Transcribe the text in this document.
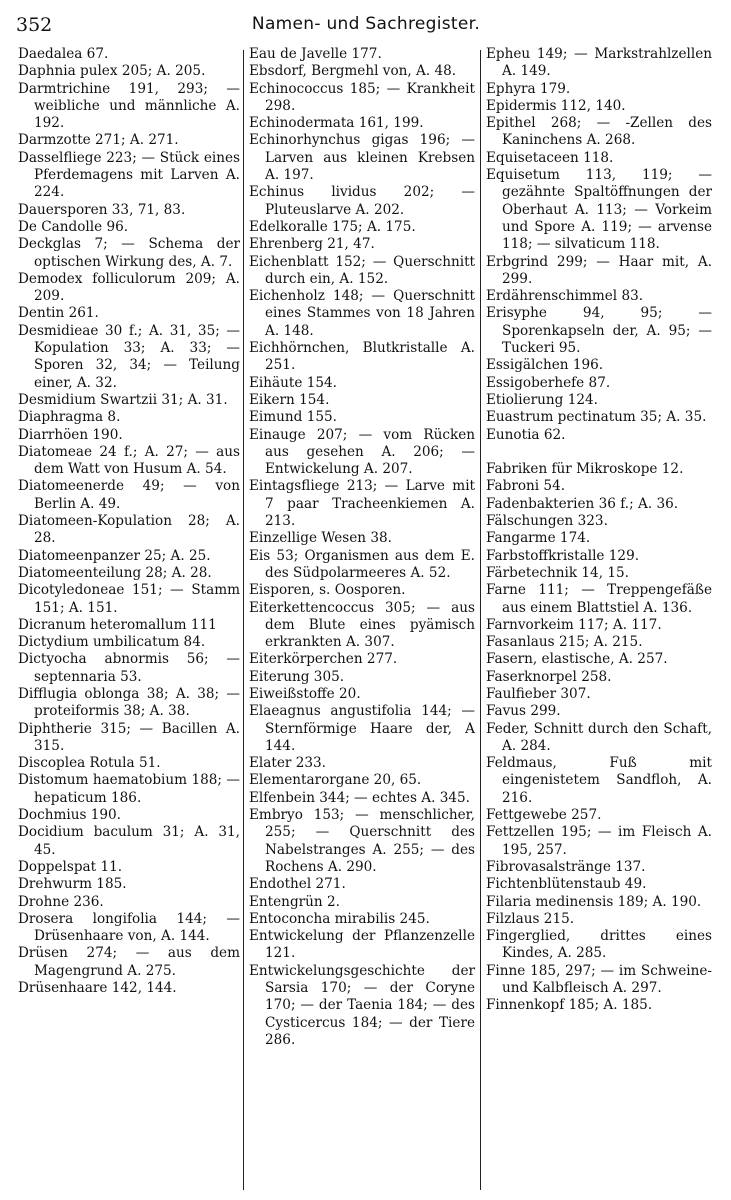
352	Namen- und Sachregister.

Daedalea 67.

Daphnia pulex 205; A. 205.

Darmtrichine 191, 293; — weibliche und männliche A. 192.

Darmzotte 271; A. 271.

Dasselfliege 223; — Stück eines Pferdemagens mit Larven A. 224.

Dauersporen 33, 71, 83.

De Candolle 96.

Deckglas 7; — Schema der optischen Wirkung des, A. 7.

Demodex folliculorum 209; A. 209.

Dentin 261.

Desmidieae 30 f.; A. 31, 35; — Kopulation 33; A. 33; — Sporen 32, 34; — Teilung einer, A. 32.

Desmidium Swartzii 31; A. 31.

Diaphragma 8.

Diarrhöen 190.

Diatomeae 24 f.; A. 27; — aus dem Watt von Husum A. 54.

Diatomeenerde 49; — von Berlin A. 49.

Diatomeen-Kopulation 28; A. 28.

Diatomeenpanzer 25; A. 25.

Diatomeenteilung 28; A. 28.

Dicotyledoneae 151; — Stamm 151; A. 151.

Dicranum heteromallum 111

Dictydium umbilicatum 84.

Dictyocha abnormis 56; — septennaria 53.

Difflugia oblonga 38; A. 38; — proteiformis 38; A. 38.

Diphtherie 315; — Bacillen A. 315.

Discoplea Rotula 51.

Distomum haematobium 188; — hepaticum 186.

Dochmius 190.

Docidium baculum 31; A. 31, 45.

Doppelspat 11.

Drehwurm 185.

Drohne 236.

Drosera longifolia 144; — Drüsenhaare von, A. 144.

Drüsen 274; — aus dem Magengrund A. 275.

Drüsenhaare 142, 144.

Eau de Javelle 177.

Ebsdorf, Bergmehl von, A. 48.

Echinococcus 185; — Krankheit 298.

Echinodermata 161, 199.

Echinorhynchus gigas 196; — Larven aus kleinen Krebsen A. 197.

Echinus lividus 202; — Pluteuslarve A. 202.

Edelkoralle 175; A. 175.

Ehrenberg 21, 47.

Eichenblatt 152; — Querschnitt durch ein, A. 152.

Eichenholz 148; — Querschnitt eines Stammes von 18 Jahren A. 148.

Eichhörnchen, Blutkristalle A. 251.

Eihäute 154.

Eikern 154.

Eimund 155.

Einauge 207; — vom Rücken aus gesehen A. 206; — Entwickelung A. 207.

Eintagsfliege 213; — Larve mit 7 paar Tracheenkiemen A. 213.

Einzellige Wesen 38.

Eis 53; Organismen aus dem E. des Südpolarmeeres A. 52.

Eisporen, s. Oosporen.

Eiterkettencoccus 305; — aus dem Blute eines pyämisch erkrankten A. 307.

Eiterkörperchen 277.

Eiterung 305.

Eiweißstoffe 20.

Elaeagnus angustifolia 144; — Sternförmige Haare der, A 144.

Elater 233.

Elementarorgane 20, 65.

Elfenbein 344; — echtes A. 345.

Embryo 153; — menschlicher, 255; — Querschnitt des Nabelstranges A. 255; — des Rochens A. 290.

Endothel 271.

Entengrün 2.

Entoconcha mirabilis 245.

Entwickelung der Pflanzenzelle 121.

Entwickelungsgeschichte der Sarsia 170; — der Coryne 170; — der Taenia 184; — des Cysticercus 184; — der Tiere 286.

Epheu 149; — Markstrahlzellen A. 149.

Ephyra 179.

Epidermis 112, 140.

Epithel 268; — -Zellen des Kaninchens A. 268.

Equisetaceen 118.

Equisetum 113, 119; — gezähnte Spaltöffnungen der Oberhaut A. 113; — Vorkeim und Spore A. 119; — arvense 118; — silvaticum 118.

Erbgrind 299; — Haar mit, A. 299.

Erdährenschimmel 83.

Erisyphe 94, 95; — Sporenkapseln der, A. 95; — Tuckeri 95.

Essigälchen 196.

Essigoberhefe 87.

Etiolierung 124.

Euastrum pectinatum 35; A. 35.

Eunotia 62.

Fabriken für Mikroskope 12.

Fabroni 54.

Fadenbakterien 36 f.; A. 36.

Fälschungen 323.

Fangarme 174.

Farbstoffkristalle 129.

Färbetechnik 14, 15.

Farne 111; — Treppengefäße aus einem Blattstiel A. 136.

Farnvorkeim 117; A. 117.

Fasanlaus 215; A. 215.

Fasern, elastische, A. 257.

Faserknorpel 258.

Faulfieber 307.

Favus 299.

Feder, Schnitt durch den Schaft, A. 284.

Feldmaus, Fuß mit eingenistetem Sandfloh, A. 216.

Fettgewebe 257.

Fettzellen 195; — im Fleisch A. 195, 257.

Fibrovasalstränge 137.

Fichtenblütenstaub 49.

Filaria medinensis 189; A. 190.

Filzlaus 215.

Fingerglied, drittes eines Kindes, A. 285.

Finne 185, 297; — im Schweine- und Kalbfleisch A. 297.

Finnenkopf 185; A. 185.
